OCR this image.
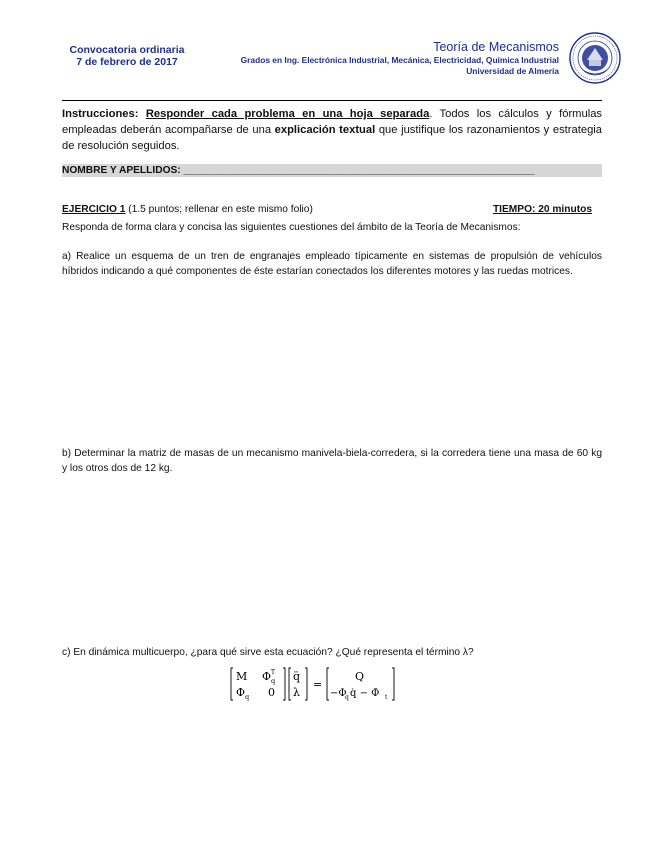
Convocatoria ordinaria
7 de febrero de 2017
Teoría de Mecanismos
Grados en Ing. Electrónica Industrial, Mecánica, Electricidad, Química Industrial
Universidad de Almería
Instrucciones: Responder cada problema en una hoja separada. Todos los cálculos y fórmulas empleadas deberán acompañarse de una explicación textual que justifique los razonamientos y estrategia de resolución seguidos.
NOMBRE Y APELLIDOS: ______________________________________________________________
EJERCICIO 1 (1.5 puntos; rellenar en este mismo folio)	TIEMPO: 20 minutos
Responda de forma clara y concisa las siguientes cuestiones del ámbito de la Teoría de Mecanismos:
a) Realice un esquema de un tren de engranajes empleado típicamente en sistemas de propulsión de vehículos híbridos indicando a qué componentes de éste estarían conectados los diferentes motores y las ruedas motrices.
b) Determinar la matriz de masas de un mecanismo manivela-biela-corredera, si la corredera tiene una masa de 60 kg y los otros dos de 12 kg.
c) En dinámica multicuerpo, ¿para qué sirve esta ecuación? ¿Qué representa el término λ?
M Φ q
T
Φ q 0
q̈
λ
=
Q
−Φ
q q̇ − Φ̇ t
